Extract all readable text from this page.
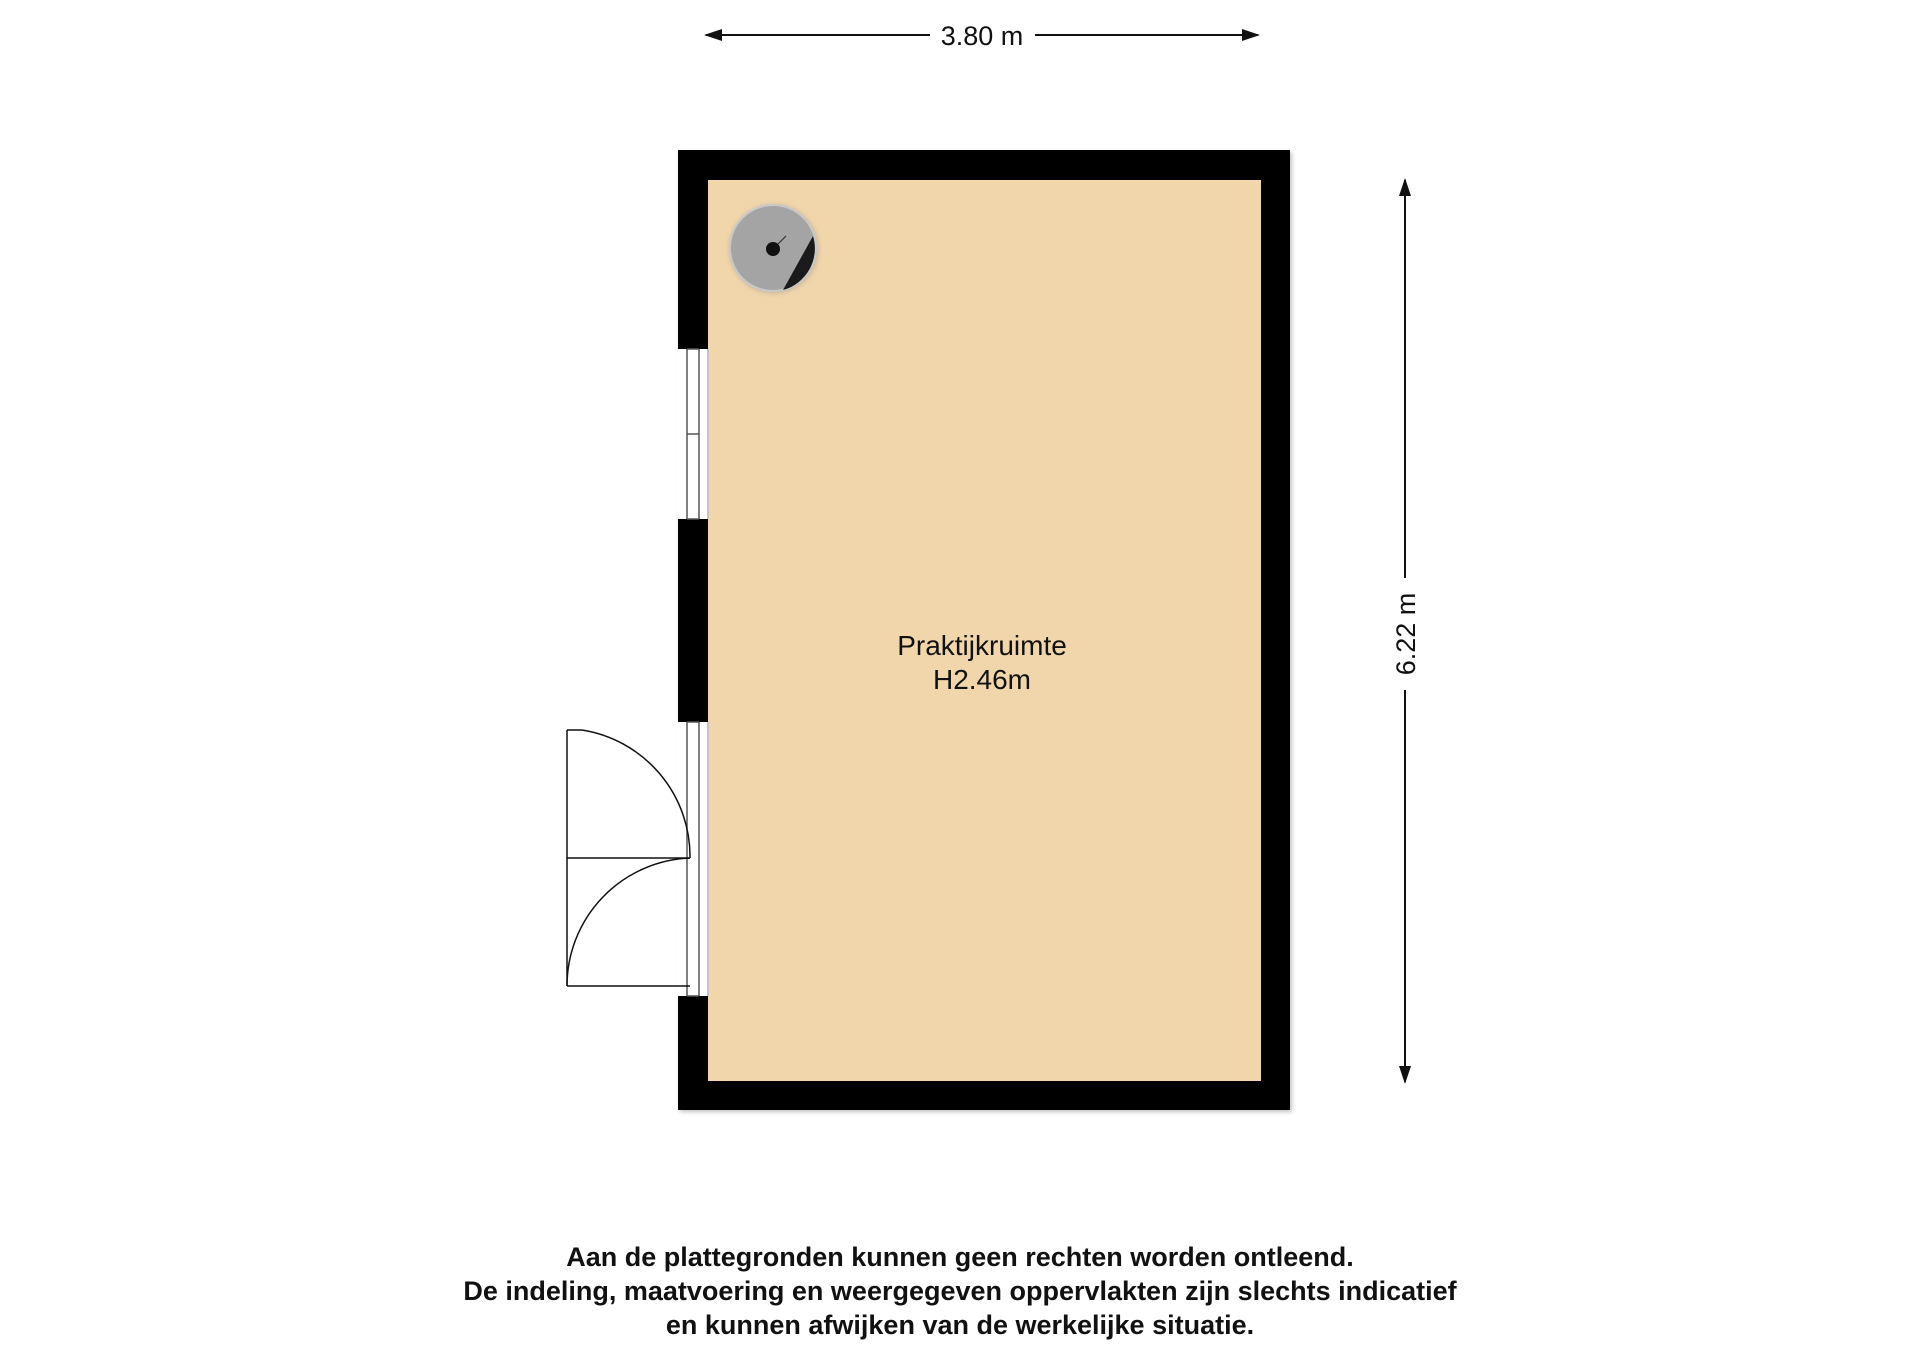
3.80 m
6.22 m
Praktijkruimte
H2.46m
Aan de plattegronden kunnen geen rechten worden ontleend.
De indeling, maatvoering en weergegeven oppervlakten zijn slechts indicatief
en kunnen afwijken van de werkelijke situatie.
